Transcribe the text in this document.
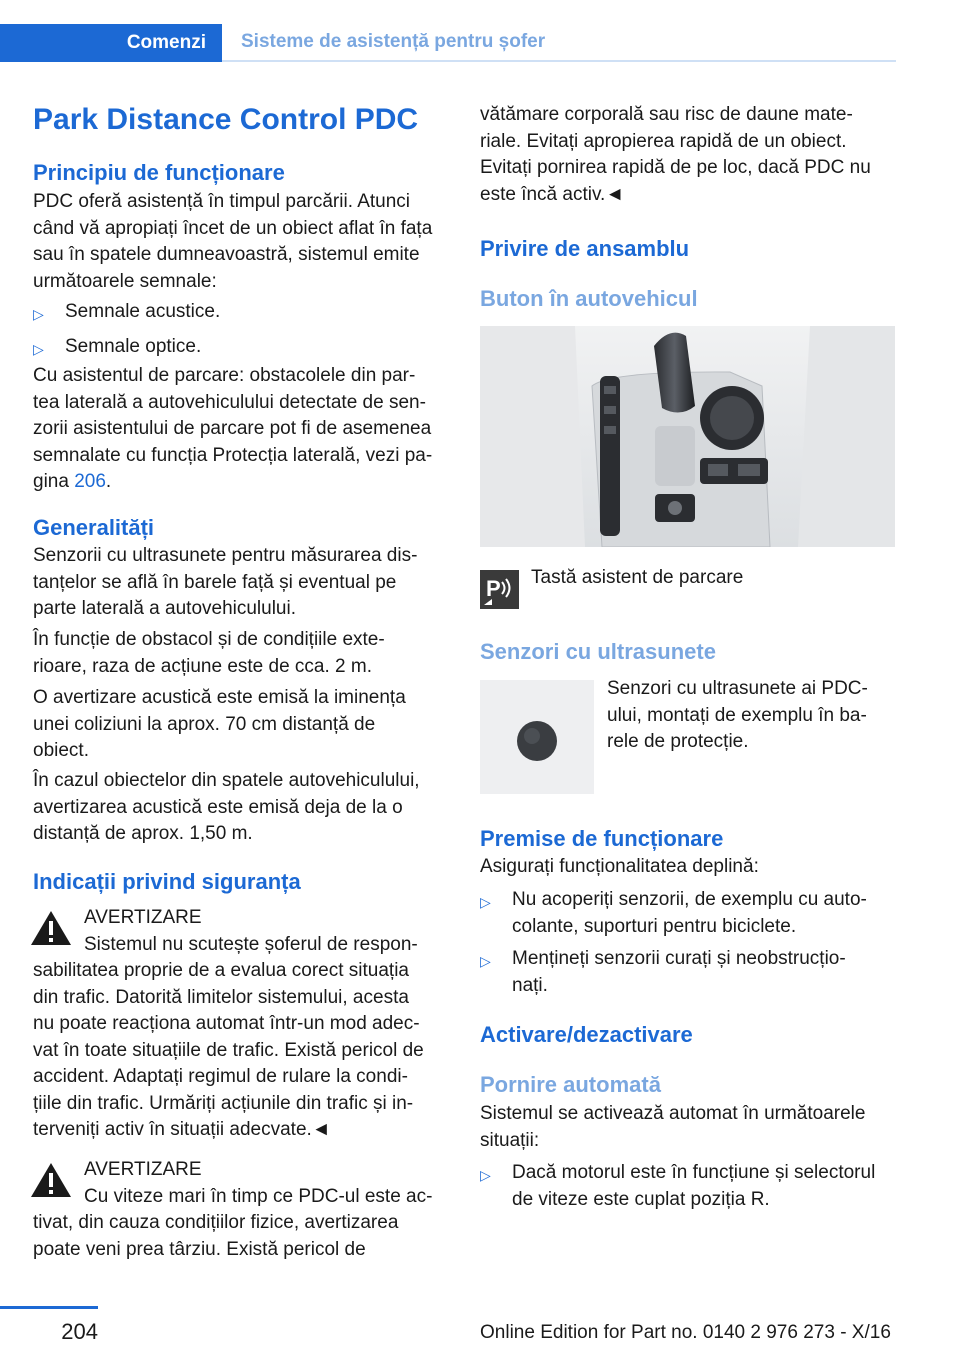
Comenzi	Sisteme de asistență pentru șofer
Park Distance Control PDC
Principiu de funcționare
PDC oferă asistență în timpul parcării. Atunci
când vă apropiați încet de un obiect aflat în fața
sau în spatele dumneavoastră, sistemul emite
următoarele semnale:
▷	Semnale acustice.
▷	Semnale optice.
Cu asistentul de parcare: obstacolele din par-
tea laterală a autovehiculului detectate de sen-
zorii asistentului de parcare pot fi de asemenea
semnalate cu funcția Protecția laterală, vezi pa-
gina 206.
Generalități
Senzorii cu ultrasunete pentru măsurarea dis-
tanțelor se află în barele față și eventual pe
parte laterală a autovehiculului.
În funcție de obstacol și de condițiile exte-
rioare, raza de acțiune este de cca. 2 m.
O avertizare acustică este emisă la iminența
unei coliziuni la aprox. 70 cm distanță de
obiect.
În cazul obiectelor din spatele autovehiculului,
avertizarea acustică este emisă deja de la o
distanță de aprox. 1,50 m.
Indicații privind siguranța
AVERTIZARE
Sistemul nu scutește șoferul de respon-
sabilitatea proprie de a evalua corect situația
din trafic. Datorită limitelor sistemului, acesta
nu poate reacționa automat într-un mod adec-
vat în toate situațiile de trafic. Există pericol de
accident. Adaptați regimul de rulare la condi-
țiile din trafic. Urmăriți acțiunile din trafic și in-
terveniți activ în situații adecvate.◄
AVERTIZARE
Cu viteze mari în timp ce PDC-ul este ac-
tivat, din cauza condițiilor fizice, avertizarea
poate veni prea târziu. Există pericol de
vătămare corporală sau risc de daune mate-
riale. Evitați apropierea rapidă de un obiect.
Evitați pornirea rapidă de pe loc, dacă PDC nu
este încă activ.◄
Privire de ansamblu
Buton în autovehicul
P Tastă asistent de parcare
Senzori cu ultrasunete
Senzori cu ultrasunete ai PDC-
ului, montați de exemplu în ba-
rele de protecție.
Premise de funcționare
Asigurați funcționalitatea deplină:
▷	Nu acoperiți senzorii, de exemplu cu auto-
colante, suporturi pentru biciclete.
▷	Mențineți senzorii curați și neobstrucțio-
nați.
Activare/dezactivare
Pornire automată
Sistemul se activează automat în următoarele
situații:
▷	Dacă motorul este în funcțiune și selectorul
de viteze este cuplat poziția R.
204	Online Edition for Part no. 0140 2 976 273 - X/16
